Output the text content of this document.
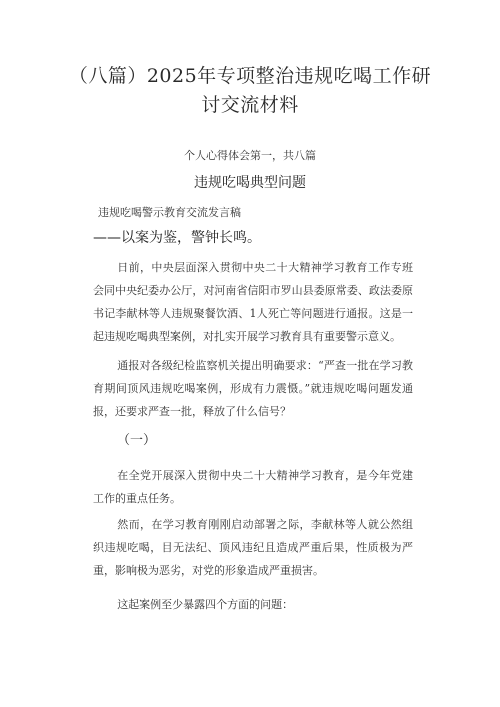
（八篇）2025年专项整治违规吃喝工作研
讨交流材料
个人心得体会第一，共八篇
违规吃喝典型问题
违规吃喝警示教育交流发言稿
——以案为鉴，警钟长鸣。

日前，中央层面深入贯彻中央二十大精神学习教育工作专班会同中央纪委办公厅，对河南省信阳市罗山县委原常委、政法委原书记李献林等人违规聚餐饮酒、1人死亡等问题进行通报。这是一起违规吃喝典型案例，对扎实开展学习教育具有重要警示意义。

通报对各级纪检监察机关提出明确要求：“严查一批在学习教育期间顶风违规吃喝案例，形成有力震慑。”就违规吃喝问题发通报，还要求严查一批，释放了什么信号？

（一）

在全党开展深入贯彻中央二十大精神学习教育，是今年党建工作的重点任务。

然而，在学习教育刚刚启动部署之际，李献林等人就公然组织违规吃喝，目无法纪、顶风违纪且造成严重后果，性质极为严重，影响极为恶劣，对党的形象造成严重损害。

这起案例至少暴露四个方面的问题：
